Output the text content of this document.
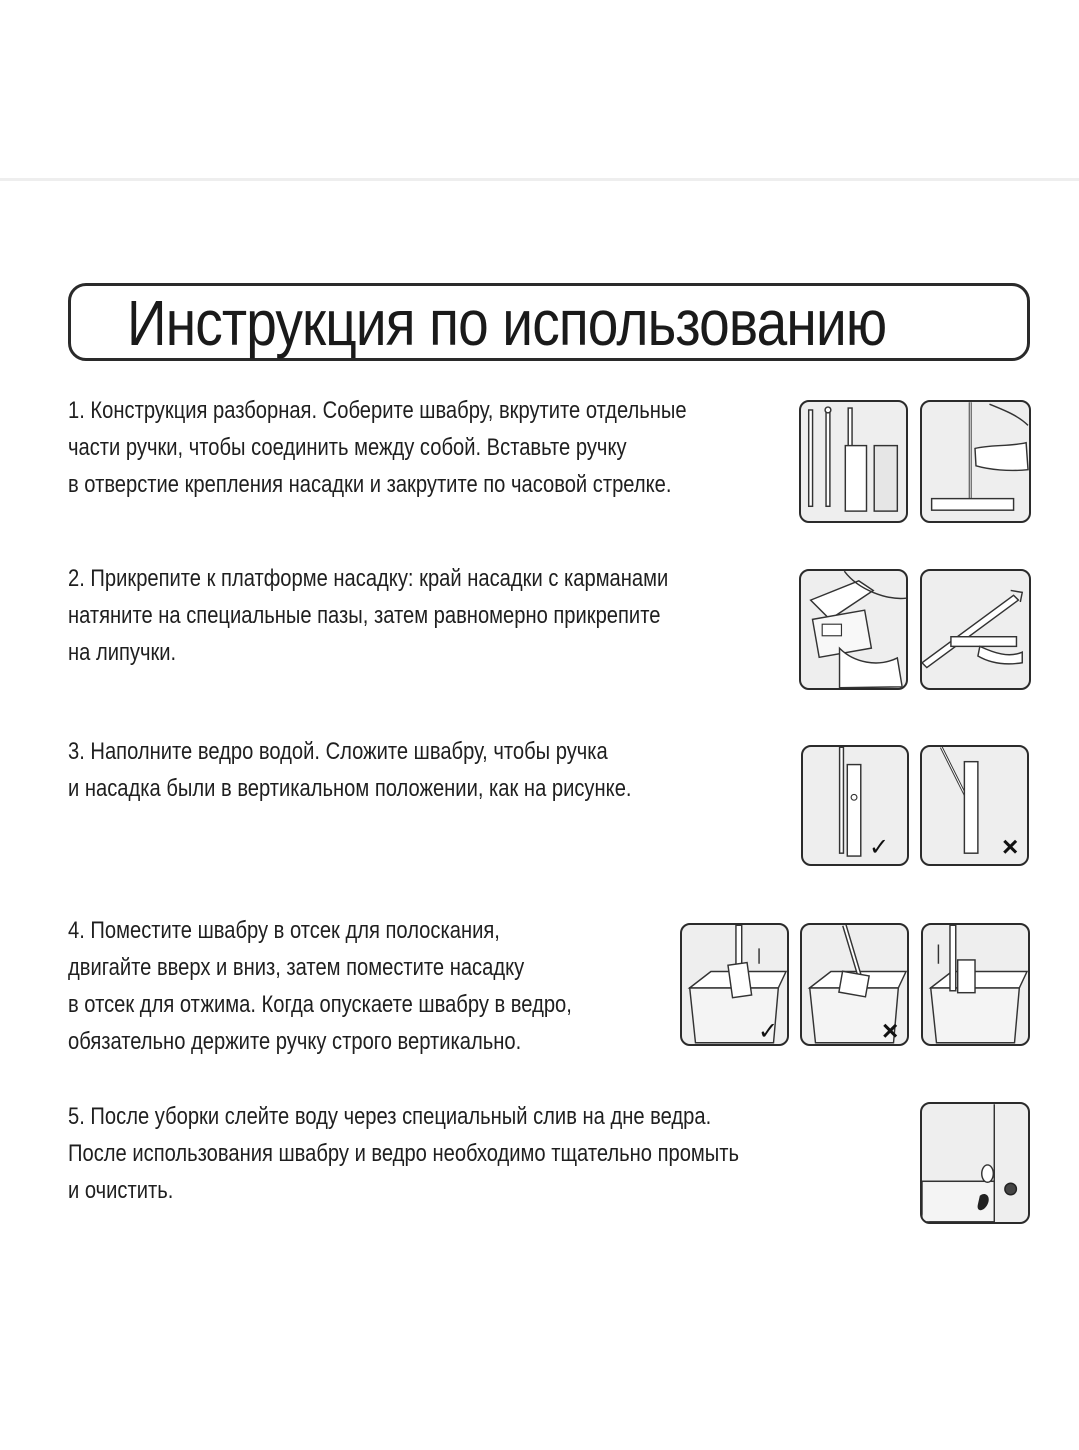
Инструкция по использованию
1. Конструкция разборная. Соберите швабру, вкрутите отдельные
части ручки, чтобы соединить между собой. Вставьте ручку
в отверстие крепления насадки и закрутите по часовой стрелке.
2. Прикрепите к платформе насадку: край насадки с карманами
натяните на специальные пазы, затем равномерно прикрепите
на липучки.
3. Наполните ведро водой. Сложите швабру, чтобы ручка
и насадка были в вертикальном положении, как на рисунке.
✓	×
4. Поместите швабру в отсек для полоскания,
двигайте вверх и вниз, затем поместите насадку
в отсек для отжима. Когда опускаете швабру в ведро,
обязательно держите ручку строго вертикально.	✓	×
5. После уборки слейте воду через специальный слив на дне ведра.
После использования швабру и ведро необходимо тщательно промыть
и очистить.
